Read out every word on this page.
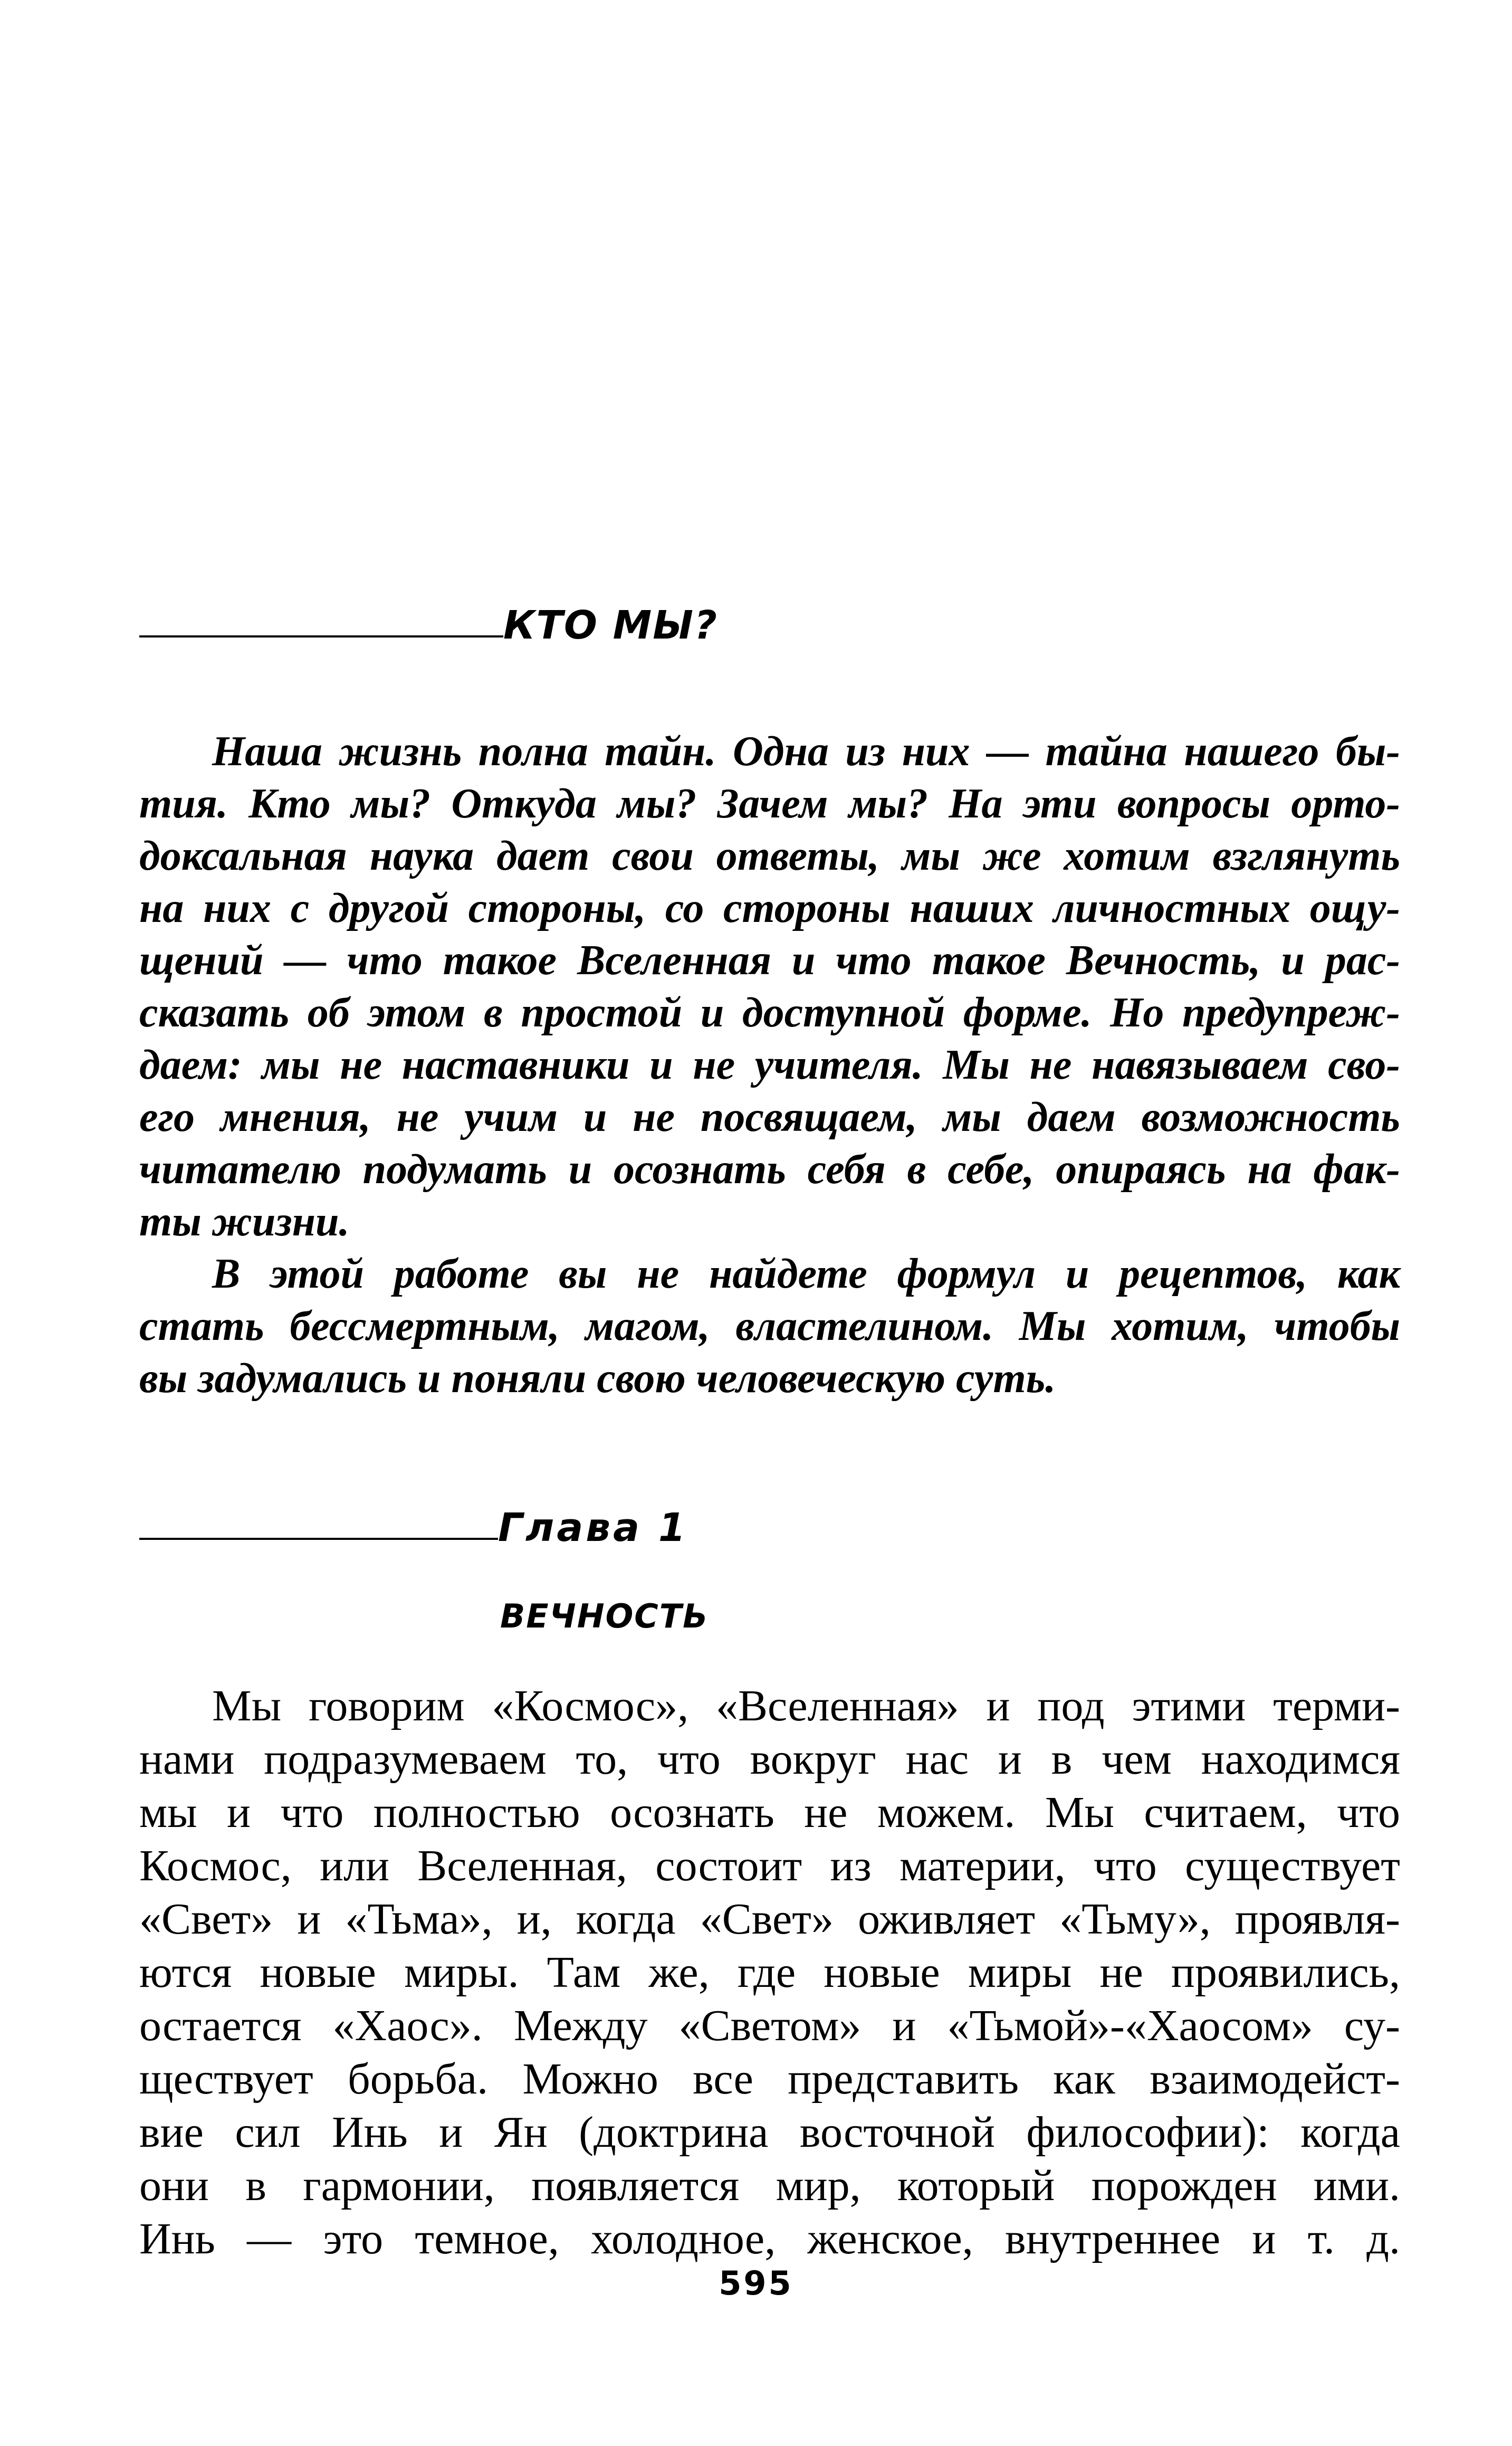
КТО МЫ?
Наша жизнь полна тайн. Одна из них — тайна нашего бы-
тия. Кто мы? Откуда мы? Зачем мы? На эти вопросы орто-
доксальная наука дает свои ответы, мы же хотим взглянуть
на них с другой стороны, со стороны наших личностных ощу-
щений — что такое Вселенная и что такое Вечность, и рас-
сказать об этом в простой и доступной форме. Но предупреж-
даем: мы не наставники и не учителя. Мы не навязываем сво-
его мнения, не учим и не посвящаем, мы даем возможность
читателю подумать и осознать себя в себе, опираясь на фак-
ты жизни.
В этой работе вы не найдете формул и рецептов, как
стать бессмертным, магом, властелином. Мы хотим, чтобы
вы задумались и поняли свою человеческую суть.
Глава 1
ВЕЧНОСТЬ
Мы говорим «Космос», «Вселенная» и под этими терми-
нами подразумеваем то, что вокруг нас и в чем находимся
мы и что полностью осознать не можем. Мы считаем, что
Космос, или Вселенная, состоит из материи, что существует
«Свет» и «Тьма», и, когда «Свет» оживляет «Тьму», проявля-
ются новые миры. Там же, где новые миры не проявились,
остается «Хаос». Между «Светом» и «Тьмой»-«Хаосом» су-
ществует борьба. Можно все представить как взаимодейст-
вие сил Инь и Ян (доктрина восточной философии): когда
они в гармонии, появляется мир, который порожден ими.
Инь — это темное, холодное, женское, внутреннее и т. д.
595
